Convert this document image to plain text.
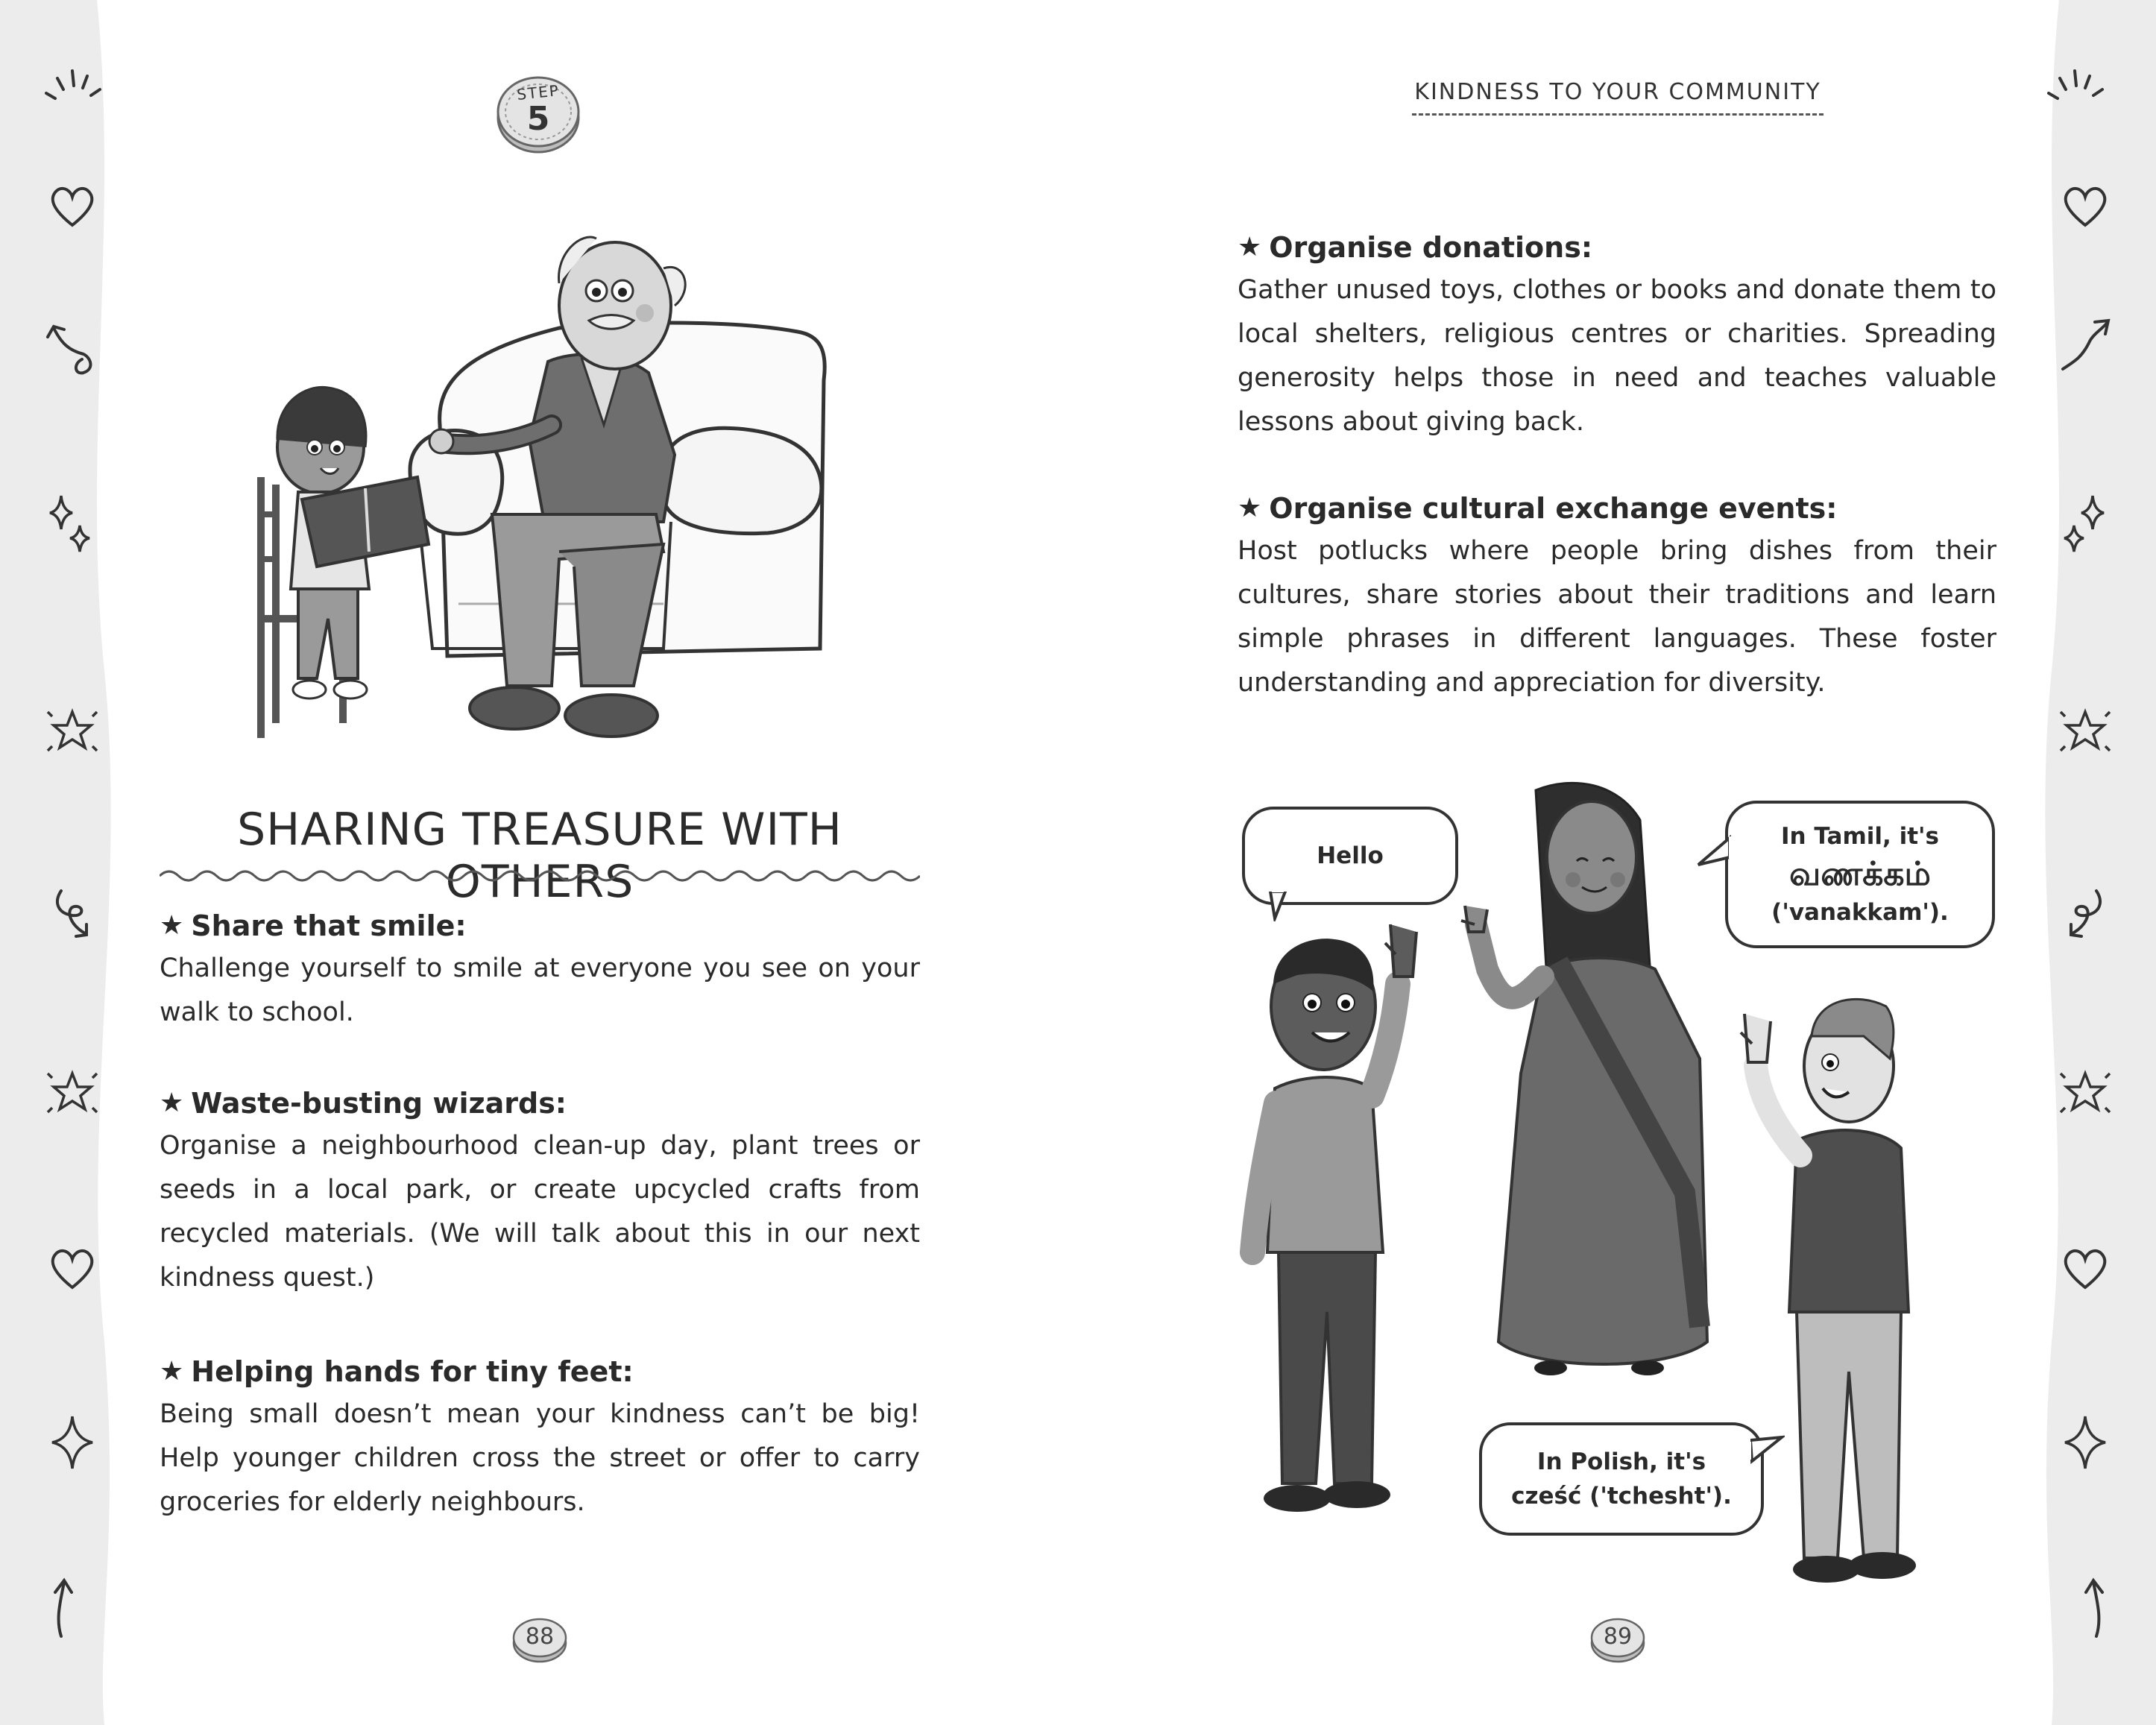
STEP
5
KINDNESS TO YOUR COMMUNITY
SHARING TREASURE WITH OTHERS
★ Share that smile:
Challenge yourself to smile at everyone you see on your walk to school.
★ Waste-busting wizards:
Organise a neighbourhood clean-up day, plant trees or seeds in a local park, or create upcycled crafts from recycled materials. (We will talk about this in our next kindness quest.)
★ Helping hands for tiny feet:
Being small doesn’t mean your kindness can’t be big! Help younger children cross the street or offer to carry groceries for elderly neighbours.
★ Organise donations:
Gather unused toys, clothes or books and donate them to local shelters, religious centres or charities. Spreading generosity helps those in need and teaches valuable lessons about giving back.
★ Organise cultural exchange events:
Host potlucks where people bring dishes from their cultures, share stories about their traditions and learn simple phrases in different languages. These foster understanding and appreciation for diversity.
Hello
In Tamil, it's
வணக்கம்
('vanakkam').
In Polish, it's
cześć ('tchesht').
88	89
